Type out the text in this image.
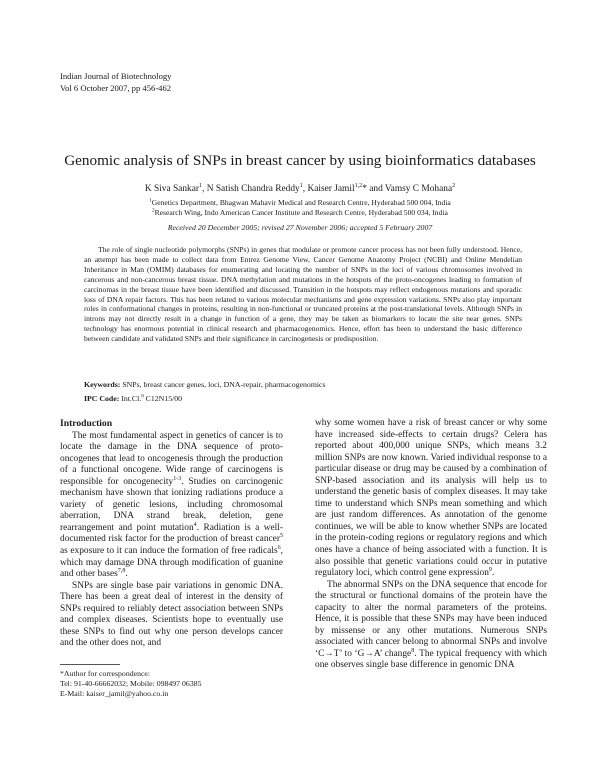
Indian Journal of Biotechnology
Vol 6 October 2007, pp 456-462
Genomic analysis of SNPs in breast cancer by using bioinformatics databases
K Siva Sankar$^1$, N Satish Chandra Reddy$^1$, Kaiser Jamil$^{1,2}$* and Vamsy C Mohana$^2$
$^1$Genetics Department, Bhagwan Mahavir Medical and Research Centre, Hyderabad 500 004, India
$^2$Research Wing, Indo American Cancer Institute and Research Centre, Hyderabad 500 034, India
Received 20 December 2005; revised 27 November 2006; accepted 5 February 2007

The role of single nucleotide polymorphs (SNPs) in genes that modulate or promote cancer process has not been fully understood. Hence, an attempt has been made to collect data from Entrez Genome View, Cancer Genome Anatomy Project (NCBI) and Online Mendelian Inheritance in Man (OMIM) databases for enumerating and locating the number of SNPs in the loci of various chromosomes involved in cancerous and non-cancerous breast tissue. DNA methylation and mutations in the hotspots of the proto-oncogenes leading to formation of carcinomas in the breast tissue have been identified and discussed. Transition in the hotspots may reflect endogenous mutations and sporadic loss of DNA repair factors. This has been related to various molecular mechanisms and gene expression variations. SNPs also play important roles in conformational changes in proteins, resulting in non-functional or truncated proteins at the post-translational levels. Although SNPs in introns may not directly result in a change in function of a gene, they may be taken as biomarkers to locate the site near genes. SNPs technology has enormous potential in clinical research and pharmacogenomics. Hence, effort has been to understand the basic difference between candidate and validated SNPs and their significance in carcinogenesis or predisposition.

Keywords: SNPs, breast cancer genes, loci, DNA-repair, pharmacogenomics
IPC Code: Int.Cl.$^8$ C12N15/00
Introduction

The most fundamental aspect in genetics of cancer is to locate the damage in the DNA sequence of proto-oncogenes that lead to oncogenesis through the production of a functional oncogene. Wide range of carcinogens is responsible for oncogenecity$^{1-3}$. Studies on carcinogenic mechanism have shown that ionizing radiations produce a variety of genetic lesions, including chromosomal aberration, DNA strand break, deletion, gene rearrangement and point mutation$^4$. Radiation is a well-documented risk factor for the production of breast cancer$^5$ as exposure to it can induce the formation of free radicals$^6$, which may damage DNA through modification of guanine and other bases$^{7,8}$.

SNPs are single base pair variations in genomic DNA. There has been a great deal of interest in the density of SNPs required to reliably detect association between SNPs and complex diseases. Scientists hope to eventually use these SNPs to find out why one person develops cancer and the other does not, and

why some women have a risk of breast cancer or why some have increased side-effects to certain drugs? Celera has reported about 400,000 unique SNPs, which means 3.2 million SNPs are now known. Varied individual response to a particular disease or drug may be caused by a combination of SNP-based association and its analysis will help us to understand the genetic basis of complex diseases. It may take time to understand which SNPs mean something and which are just random differences. As annotation of the genome continues, we will be able to know whether SNPs are located in the protein-coding regions or regulatory regions and which ones have a chance of being associated with a function. It is also possible that genetic variations could occur in putative regulatory loci, which control gene expression$^9$.

The abnormal SNPs on the DNA sequence that encode for the structural or functional domains of the protein have the capacity to alter the normal parameters of the proteins. Hence, it is possible that these SNPs may have been induced by missense or any other mutations. Numerous SNPs associated with cancer belong to abnormal SNPs and involve ‘C→T’ to ‘G→A’ change$^8$. The typical frequency with which one observes single base difference in genomic DNA

*Author for correspondence:
Tel: 91-40-66662032; Mobile: 098497 06385
E-Mail: kaiser_jamil@yahoo.co.in
